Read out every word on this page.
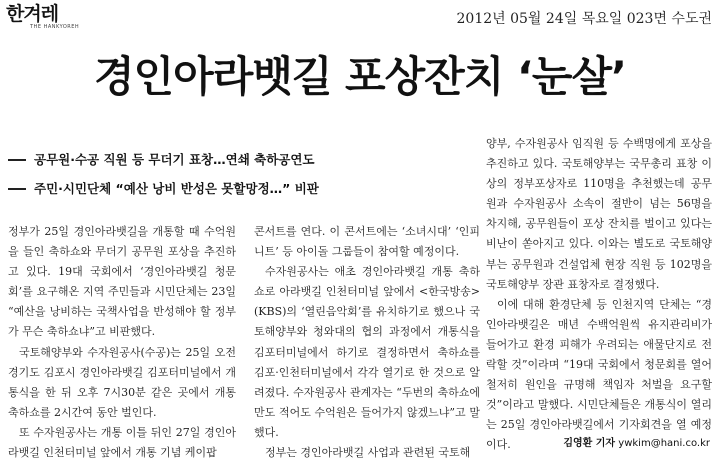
한겨레
THE HANKYOREH	2012년 05월 24일 목요일 023면 수도권
경인아라뱃길 포상잔치 ‘눈살’
공무원·수공 직원 등 무더기 표창…연쇄 축하공연도
주민·시민단체 “예산 낭비 반성은 못할망정…” 비판

정부가 25일 경인아라뱃길을 개통할 때 수억원을 들인 축하쇼와 무더기 공무원 포상을 추진하고 있다. 19대 국회에서 ‘경인아라뱃길 청문회’를 요구해온 지역 주민들과 시민단체는 23일 “예산을 낭비하는 국책사업을 반성해야 할 정부가 무슨 축하쇼냐”고 비판했다.

국토해양부와 수자원공사(수공)는 25일 오전 경기도 김포시 경인아라뱃길 김포터미널에서 개통식을 한 뒤 오후 7시30분 같은 곳에서 개통 축하쇼를 2시간여 동안 벌인다.

또 수자원공사는 개통 이틀 뒤인 27일 경인아라뱃길 인천터미널 앞에서 개통 기념 케이팝

콘서트를 연다. 이 콘서트에는 ‘소녀시대’ ‘인피니트’ 등 아이돌 그룹들이 참여할 예정이다.

수자원공사는 애초 경인아라뱃길 개통 축하쇼로 아라뱃길 인천터미널 앞에서 <한국방송>(KBS)의 ‘열린음악회’를 유치하기로 했으나 국토해양부와 청와대의 협의 과정에서 개통식을 김포터미널에서 하기로 결정하면서 축하쇼를 김포·인천터미널에서 각각 열기로 한 것으로 알려졌다. 수자원공사 관계자는 “두번의 축하쇼에만도 적어도 수억원은 들어가지 않겠느냐”고 말했다.

정부는 경인아라뱃길 사업과 관련된 국토해

양부, 수자원공사 임직원 등 수백명에게 포상을 추진하고 있다. 국토해양부는 국무총리 표창 이상의 정부포상자로 110명을 추천했는데 공무원과 수자원공사 소속이 절반이 넘는 56명을 차지해, 공무원들이 포상 잔치를 벌이고 있다는 비난이 쏟아지고 있다. 이와는 별도로 국토해양부는 공무원과 건설업체 현장 직원 등 102명을 국토해양부 장관 표창자로 결정했다.

이에 대해 환경단체 등 인천지역 단체는 “경인아라뱃길은 매년 수백억원씩 유지관리비가 들어가고 환경 피해가 우려되는 애물단지로 전락할 것”이라며 “19대 국회에서 청문회를 열어 철저히 원인을 규명해 책임자 처벌을 요구할 것”이라고 말했다. 시민단체들은 개통식이 열리는 25일 경인아라뱃길에서 기자회견을 열 예정이다.	김영환 기자 ywkim@hani.co.kr
